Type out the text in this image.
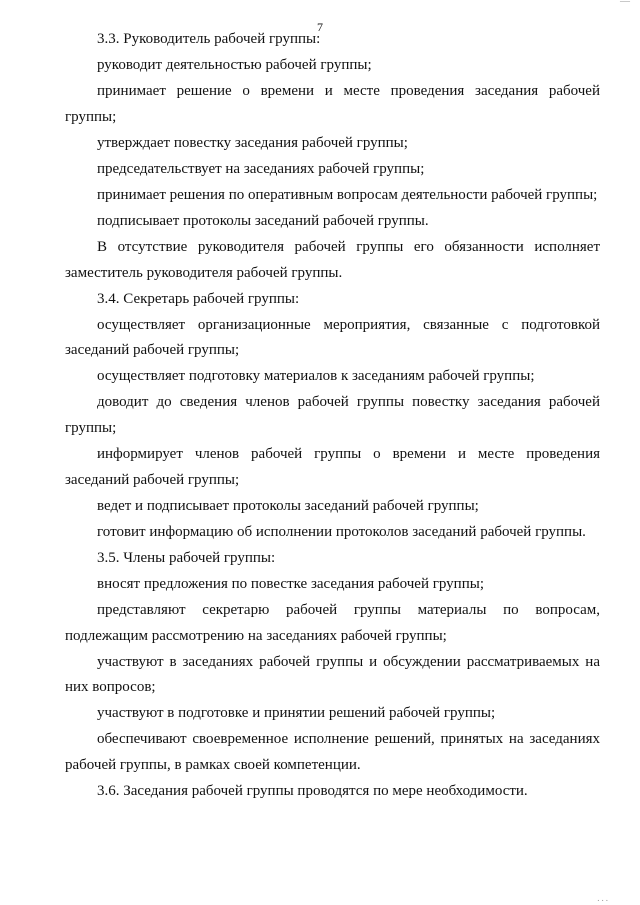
—
7
3.3. Руководитель рабочей группы:
руководит деятельностью рабочей группы;
принимает решение о времени и месте проведения заседания рабочей
группы;
утверждает повестку заседания рабочей группы;
председательствует на заседаниях рабочей группы;
принимает решения по оперативным вопросам деятельности рабочей группы;
подписывает протоколы заседаний рабочей группы.
В отсутствие руководителя рабочей группы его обязанности исполняет
заместитель руководителя рабочей группы.
3.4. Секретарь рабочей группы:
осуществляет организационные мероприятия, связанные с подготовкой
заседаний рабочей группы;
осуществляет подготовку материалов к заседаниям рабочей группы;
доводит до сведения членов рабочей группы повестку заседания рабочей
группы;
информирует членов рабочей группы о времени и месте проведения
заседаний рабочей группы;
ведет и подписывает протоколы заседаний рабочей группы;
готовит информацию об исполнении протоколов заседаний рабочей группы.
3.5. Члены рабочей группы:
вносят предложения по повестке заседания рабочей группы;
представляют секретарю рабочей группы материалы по вопросам,
подлежащим рассмотрению на заседаниях рабочей группы;
участвуют в заседаниях рабочей группы и обсуждении рассматриваемых на
них вопросов;
участвуют в подготовке и принятии решений рабочей группы;
обеспечивают своевременное исполнение решений, принятых на заседаниях
рабочей группы, в рамках своей компетенции.
3.6. Заседания рабочей группы проводятся по мере необходимости.
...
